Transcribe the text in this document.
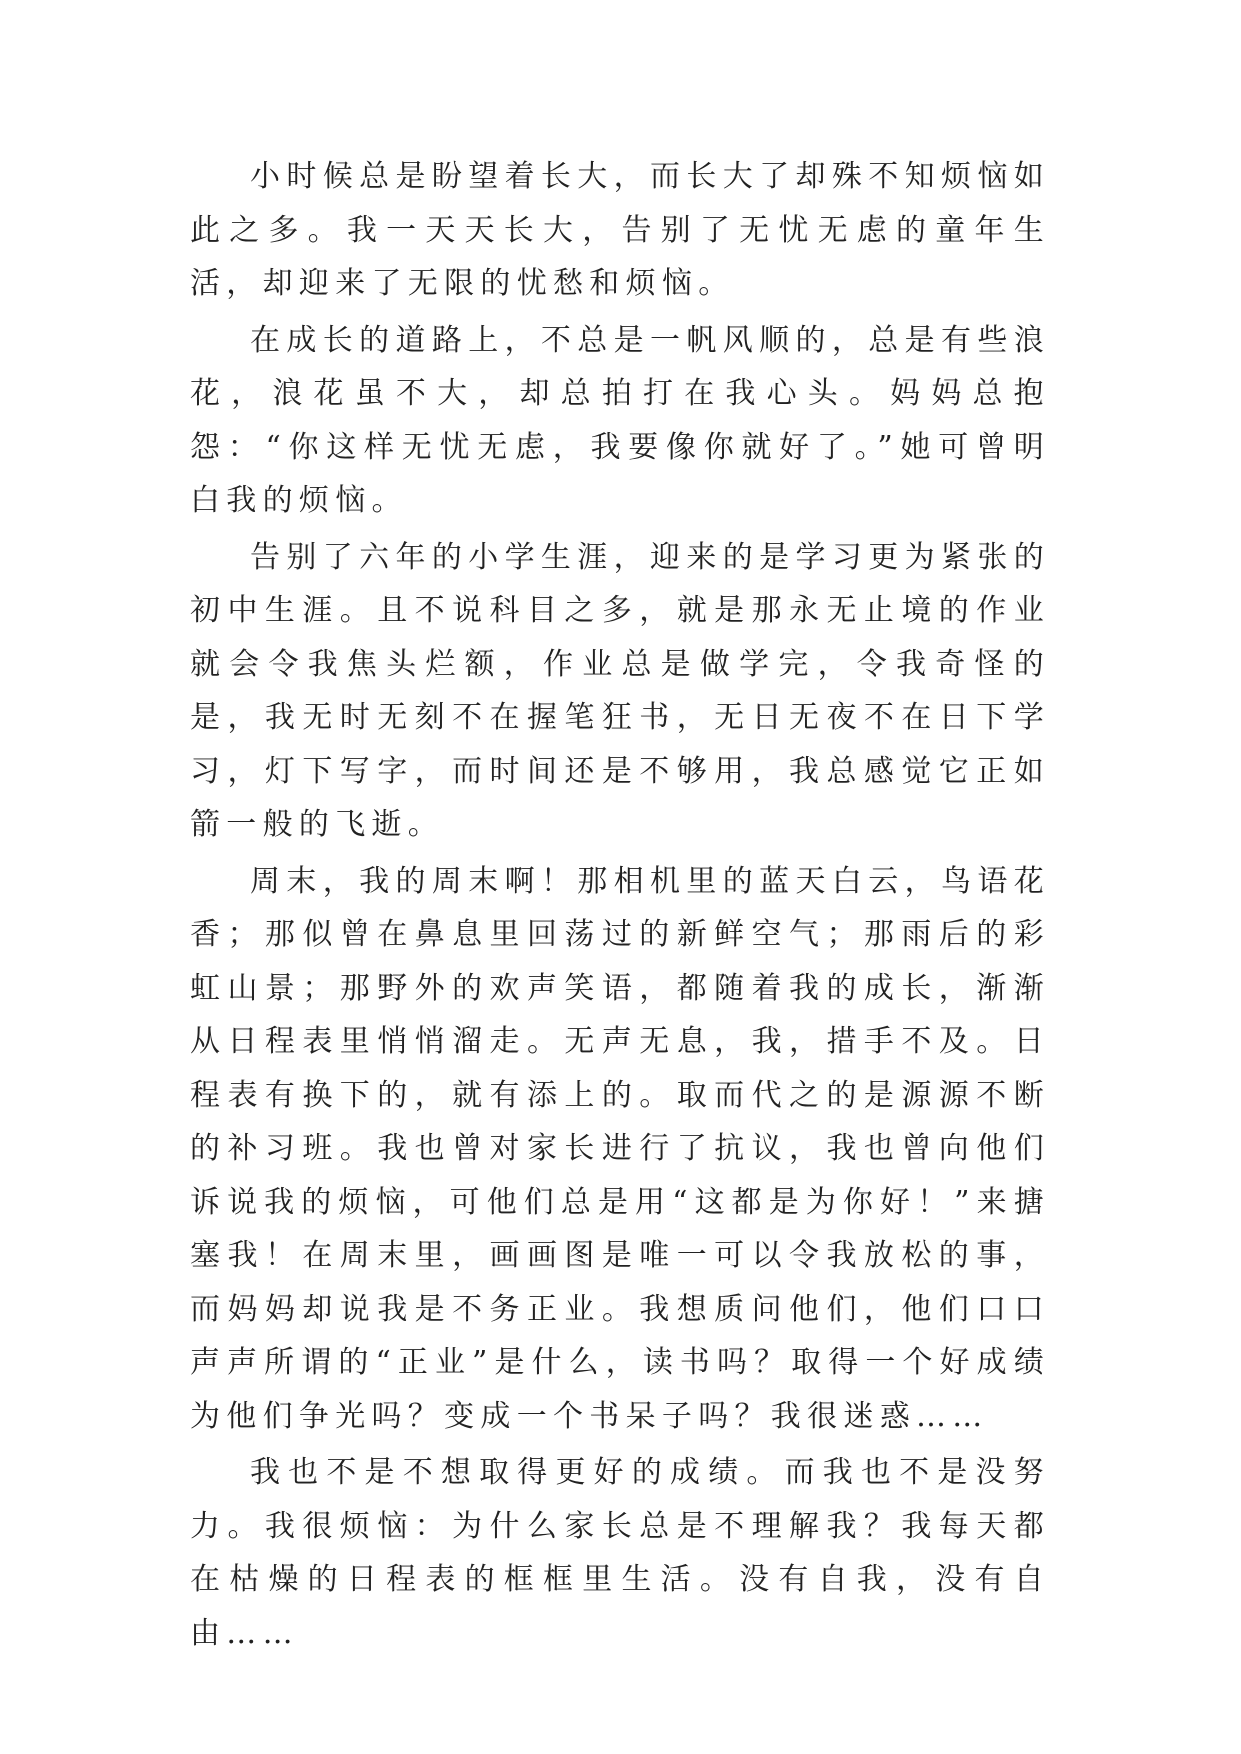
小时候总是盼望着长大，而长大了却殊不知烦恼如此之多。我一天天长大，告别了无忧无虑的童年生活，却迎来了无限的忧愁和烦恼。

在成长的道路上，不总是一帆风顺的，总是有些浪花，浪花虽不大，却总拍打在我心头。妈妈总抱怨：“你这样无忧无虑，我要像你就好了。”她可曾明白我的烦恼。

告别了六年的小学生涯，迎来的是学习更为紧张的初中生涯。且不说科目之多，就是那永无止境的作业就会令我焦头烂额，作业总是做学完，令我奇怪的是，我无时无刻不在握笔狂书，无日无夜不在日下学习，灯下写字，而时间还是不够用，我总感觉它正如箭一般的飞逝。

周末，我的周末啊！那相机里的蓝天白云，鸟语花香；那似曾在鼻息里回荡过的新鲜空气；那雨后的彩虹山景；那野外的欢声笑语，都随着我的成长，渐渐从日程表里悄悄溜走。无声无息，我，措手不及。日程表有换下的，就有添上的。取而代之的是源源不断的补习班。我也曾对家长进行了抗议，我也曾向他们诉说我的烦恼，可他们总是用“这都是为你好！”来搪塞我！在周末里，画画图是唯一可以令我放松的事，而妈妈却说我是不务正业。我想质问他们，他们口口声声所谓的“正业”是什么，读书吗？取得一个好成绩为他们争光吗？变成一个书呆子吗？我很迷惑……

我也不是不想取得更好的成绩。而我也不是没努力。我很烦恼：为什么家长总是不理解我？我每天都在枯燥的日程表的框框里生活。没有自我，没有自由……
